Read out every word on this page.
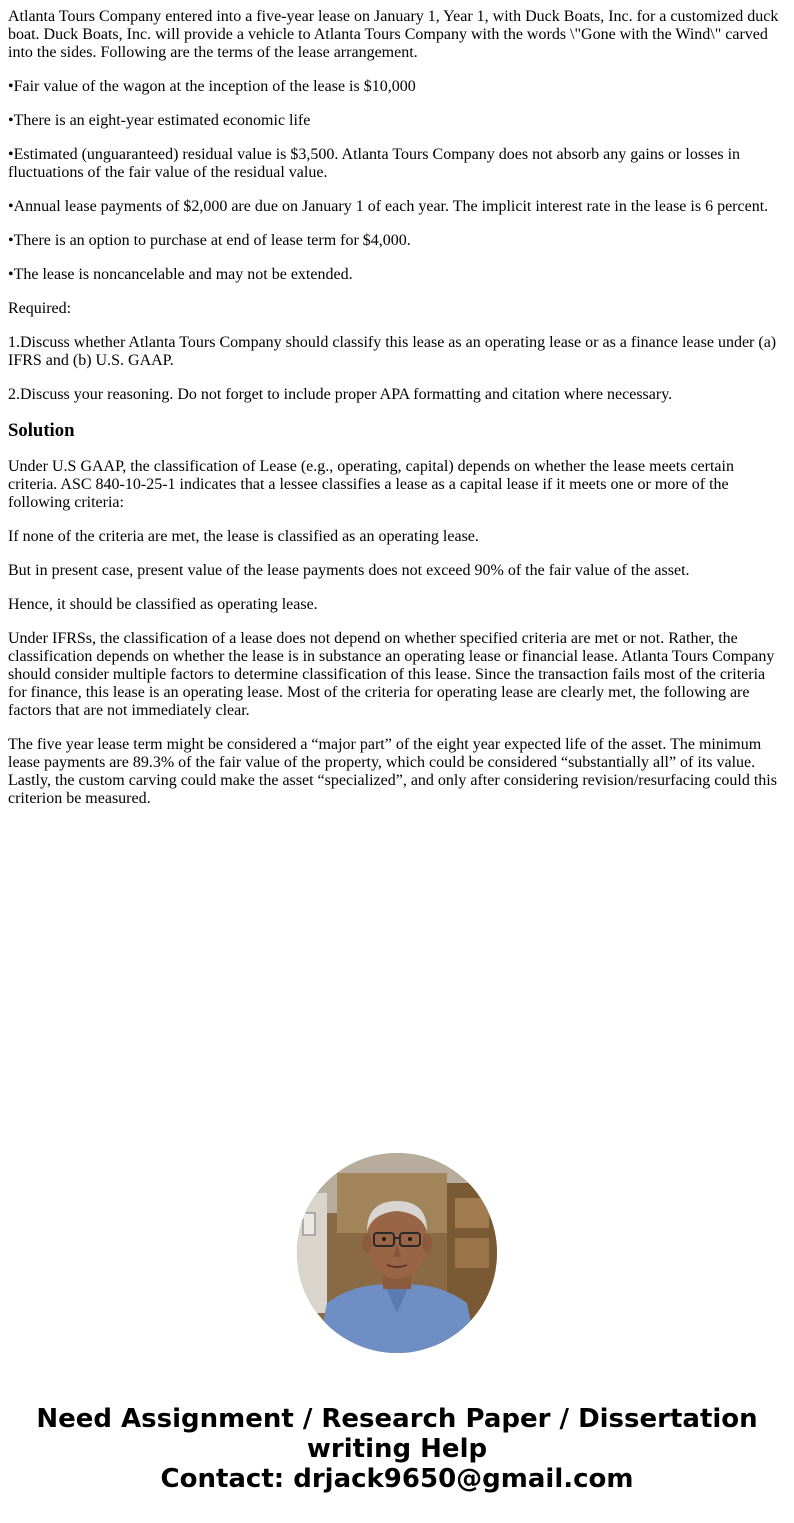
Atlanta Tours Company entered into a five-year lease on January 1, Year 1, with Duck Boats, Inc. for a customized duck boat. Duck Boats, Inc. will provide a vehicle to Atlanta Tours Company with the words \"Gone with the Wind\" carved into the sides. Following are the terms of the lease arrangement.

•Fair value of the wagon at the inception of the lease is $10,000

•There is an eight-year estimated economic life

•Estimated (unguaranteed) residual value is $3,500. Atlanta Tours Company does not absorb any gains or losses in fluctuations of the fair value of the residual value.

•Annual lease payments of $2,000 are due on January 1 of each year. The implicit interest rate in the lease is 6 percent.

•There is an option to purchase at end of lease term for $4,000.

•The lease is noncancelable and may not be extended.

Required:

1.Discuss whether Atlanta Tours Company should classify this lease as an operating lease or as a finance lease under (a) IFRS and (b) U.S. GAAP.

2.Discuss your reasoning. Do not forget to include proper APA formatting and citation where necessary.

Solution

Under U.S GAAP, the classification of Lease (e.g., operating, capital) depends on whether the lease meets certain criteria. ASC 840-10-25-1 indicates that a lessee classifies a lease as a capital lease if it meets one or more of the following criteria:

If none of the criteria are met, the lease is classified as an operating lease.

But in present case, present value of the lease payments does not exceed 90% of the fair value of the asset.

Hence, it should be classified as operating lease.

Under IFRSs, the classification of a lease does not depend on whether specified criteria are met or not. Rather, the classification depends on whether the lease is in substance an operating lease or financial lease. Atlanta Tours Company should consider multiple factors to determine classification of this lease. Since the transaction fails most of the criteria for finance, this lease is an operating lease. Most of the criteria for operating lease are clearly met, the following are factors that are not immediately clear.

The five year lease term might be considered a “major part” of the eight year expected life of the asset. The minimum lease payments are 89.3% of the fair value of the property, which could be considered “substantially all” of its value. Lastly, the custom carving could make the asset “specialized”, and only after considering revision/resurfacing could this criterion be measured.

Need Assignment / Research Paper / Dissertation
writing Help
Contact: drjack9650@gmail.com
